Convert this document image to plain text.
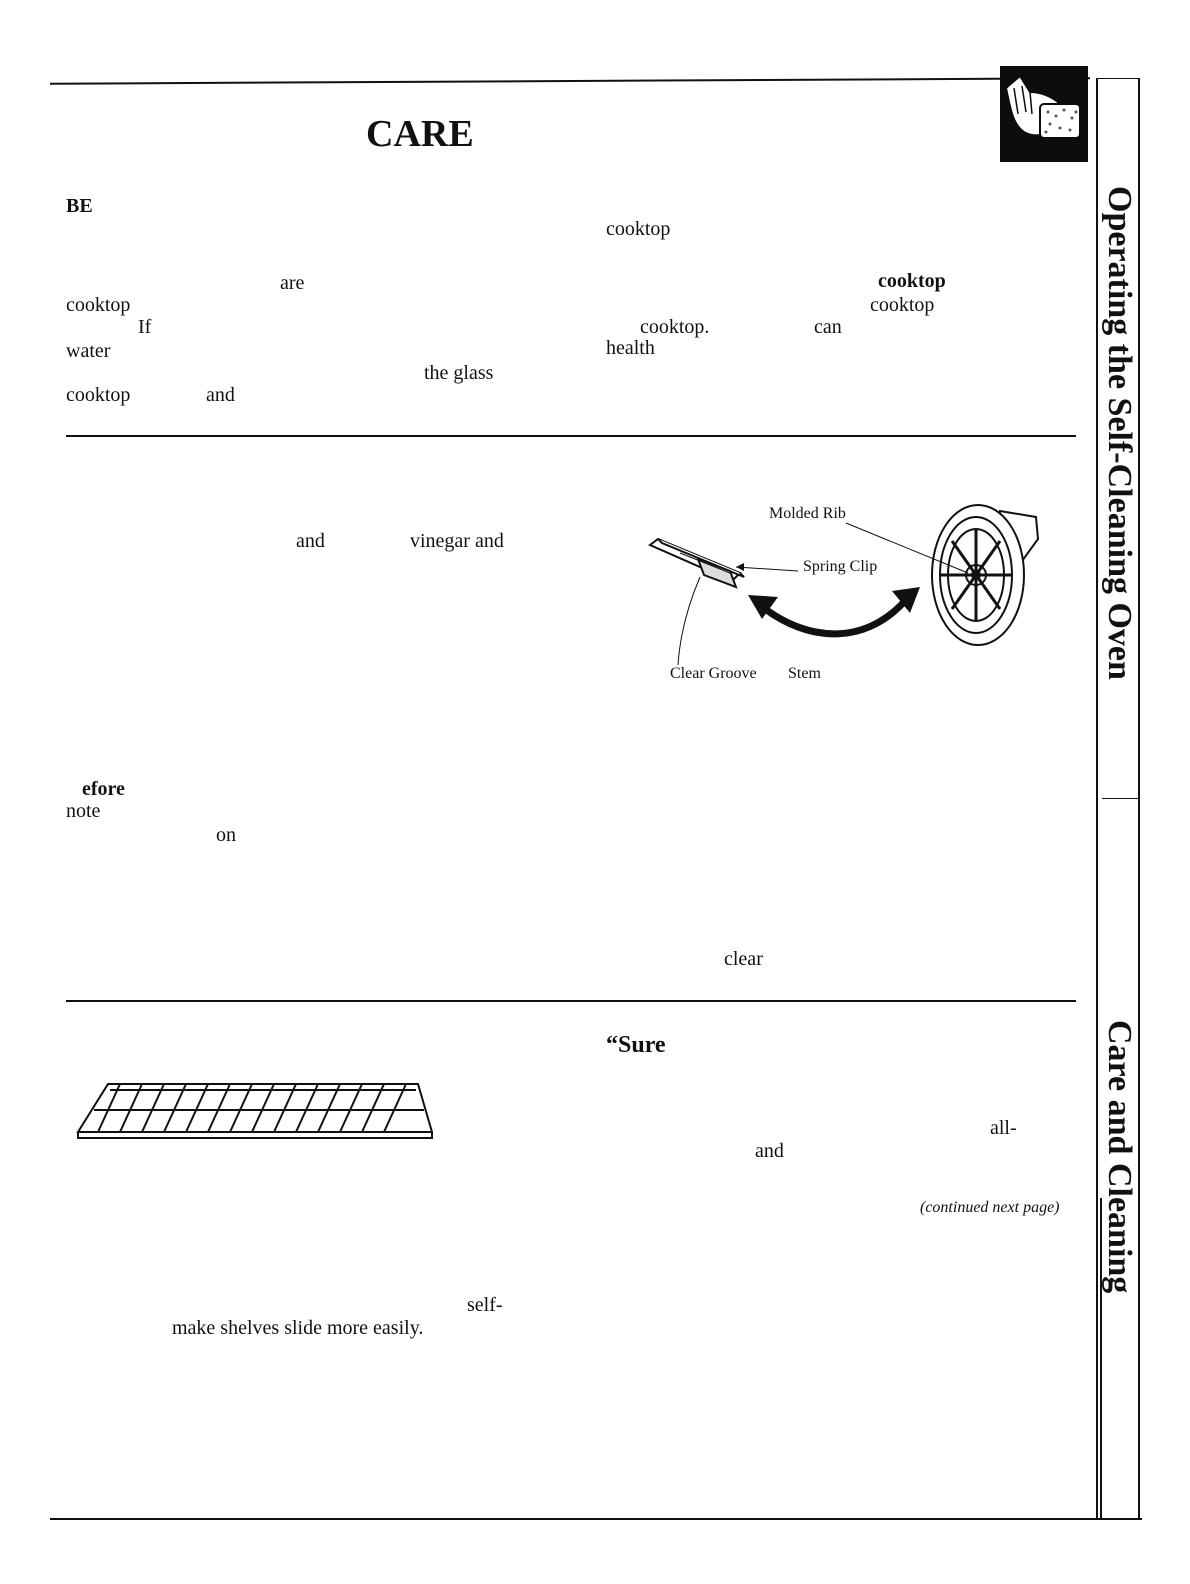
CARE
Operating the Self-Cleaning Oven
Care and Cleaning
BE
cooktop
are	cooktop
cooktop	cooktop
If	cooktop.	can
water	health
the glass
cooktop	and
and	vinegar and
Molded Rib
Spring Clip
Clear Groove Stem
efore
note
on
clear
“Sure
all-
and
(continued next page)
self-
make shelves slide more easily.
